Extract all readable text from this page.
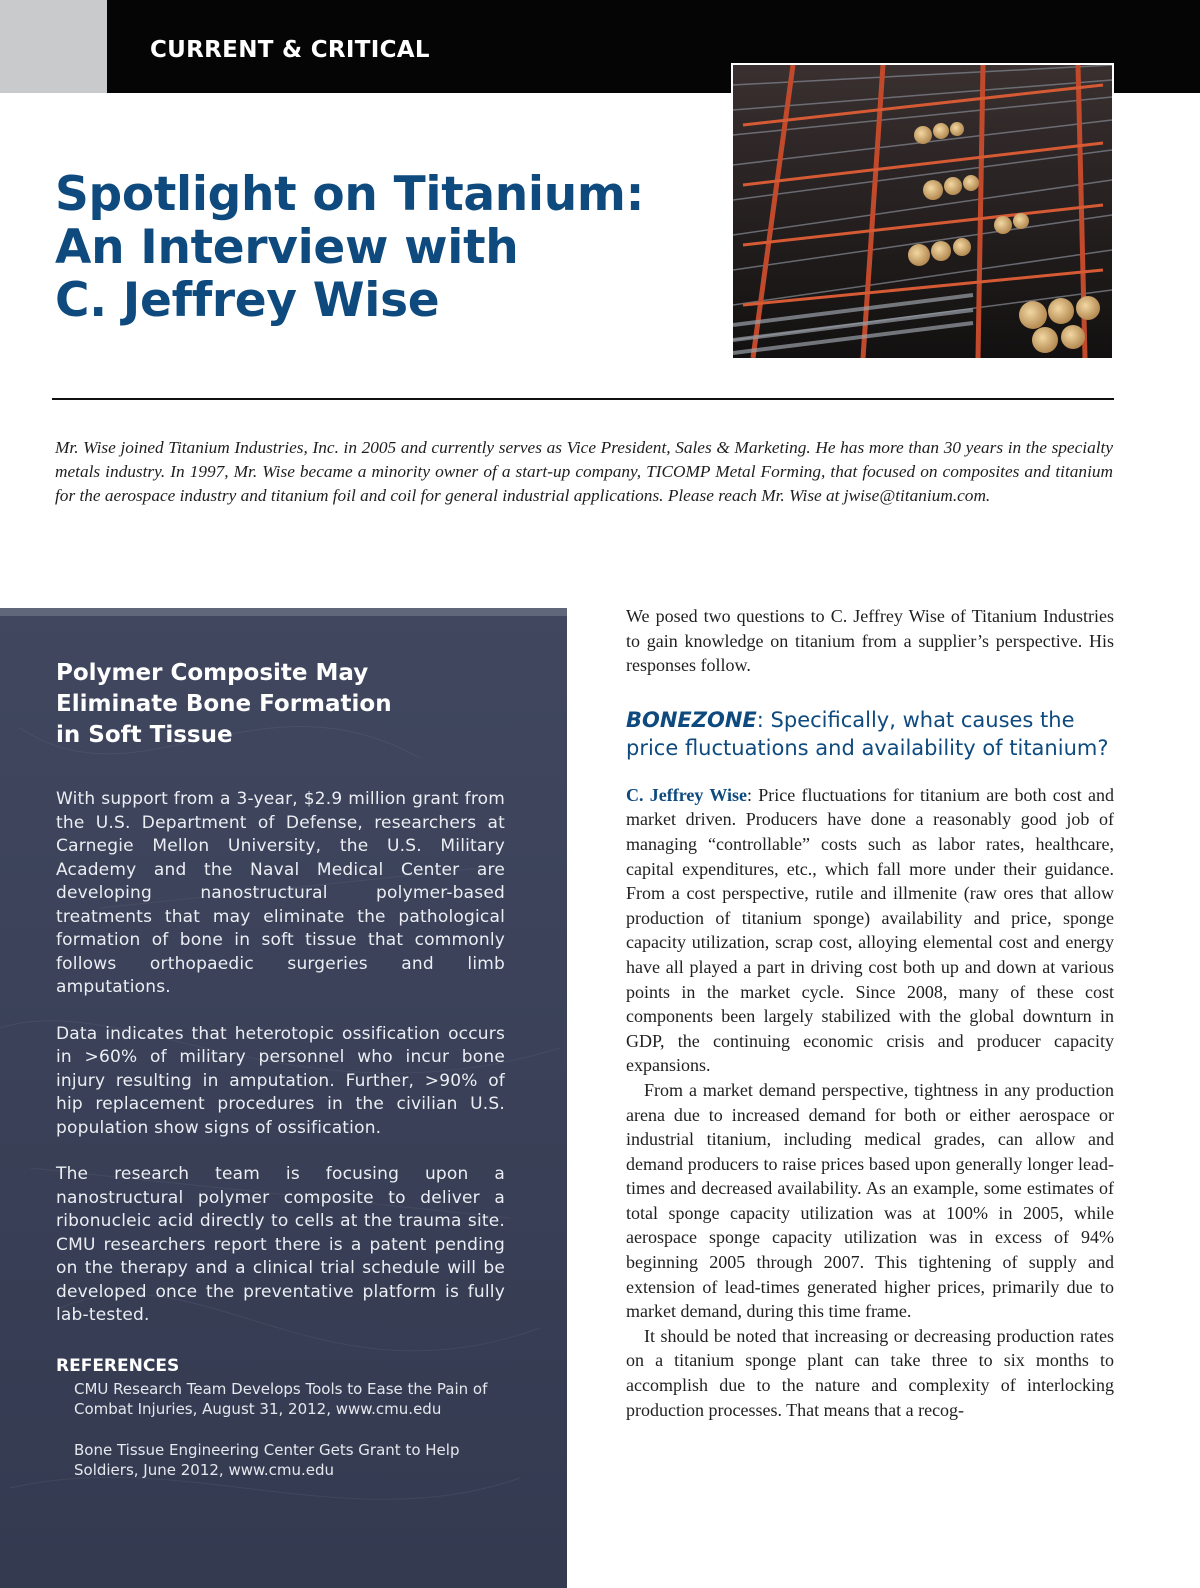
CURRENT & CRITICAL
Spotlight on Titanium:
An Interview with
C. Jeffrey Wise

Mr. Wise joined Titanium Industries, Inc. in 2005 and currently serves as Vice President, Sales & Marketing. He has more than 30 years in the specialty metals industry. In 1997, Mr. Wise became a minority owner of a start-up company, TICOMP Metal Forming, that focused on composites and titanium for the aerospace industry and titanium foil and coil for general industrial applications. Please reach Mr. Wise at jwise@titanium.com.

Polymer Composite May
Eliminate Bone Formation
in Soft Tissue

With support from a 3-year, $2.9 million grant from the U.S. Department of Defense, researchers at Carnegie Mellon University, the U.S. Military Academy and the Naval Medical Center are developing nanostructural polymer-based treatments that may eliminate the pathological formation of bone in soft tissue that commonly follows orthopaedic surgeries and limb amputations.

Data indicates that heterotopic ossification occurs in >60% of military personnel who incur bone injury resulting in amputation. Further, >90% of hip replacement procedures in the civilian U.S. population show signs of ossification.

The research team is focusing upon a nanostructural polymer composite to deliver a ribonucleic acid directly to cells at the trauma site. CMU researchers report there is a patent pending on the therapy and a clinical trial schedule will be developed once the preventative platform is fully lab-tested.

REFERENCES

CMU Research Team Develops Tools to Ease the Pain of Combat Injuries, August 31, 2012, www.cmu.edu

Bone Tissue Engineering Center Gets Grant to Help Soldiers, June 2012, www.cmu.edu

We posed two questions to C. Jeffrey Wise of Titanium Industries to gain knowledge on titanium from a supplier’s perspective. His responses follow.

BONEZONE: Specifically, what causes the price fluctuations and availability of titanium?

C. Jeffrey Wise: Price fluctuations for titanium are both cost and market driven. Producers have done a reasonably good job of managing “controllable” costs such as labor rates, healthcare, capital expenditures, etc., which fall more under their guidance. From a cost perspective, rutile and illmenite (raw ores that allow production of titanium sponge) availability and price, sponge capacity utilization, scrap cost, alloying elemental cost and energy have all played a part in driving cost both up and down at various points in the market cycle. Since 2008, many of these cost components been largely stabilized with the global downturn in GDP, the continuing economic crisis and producer capacity expansions.

From a market demand perspective, tightness in any production arena due to increased demand for both or either aerospace or industrial titanium, including medical grades, can allow and demand producers to raise prices based upon generally longer lead-times and decreased availability. As an example, some estimates of total sponge capacity utilization was at 100% in 2005, while aerospace sponge capacity utilization was in excess of 94% beginning 2005 through 2007. This tightening of supply and extension of lead-times generated higher prices, primarily due to market demand, during this time frame.

It should be noted that increasing or decreasing production rates on a titanium sponge plant can take three to six months to accomplish due to the nature and complexity of interlocking production processes. That means that a recog-
